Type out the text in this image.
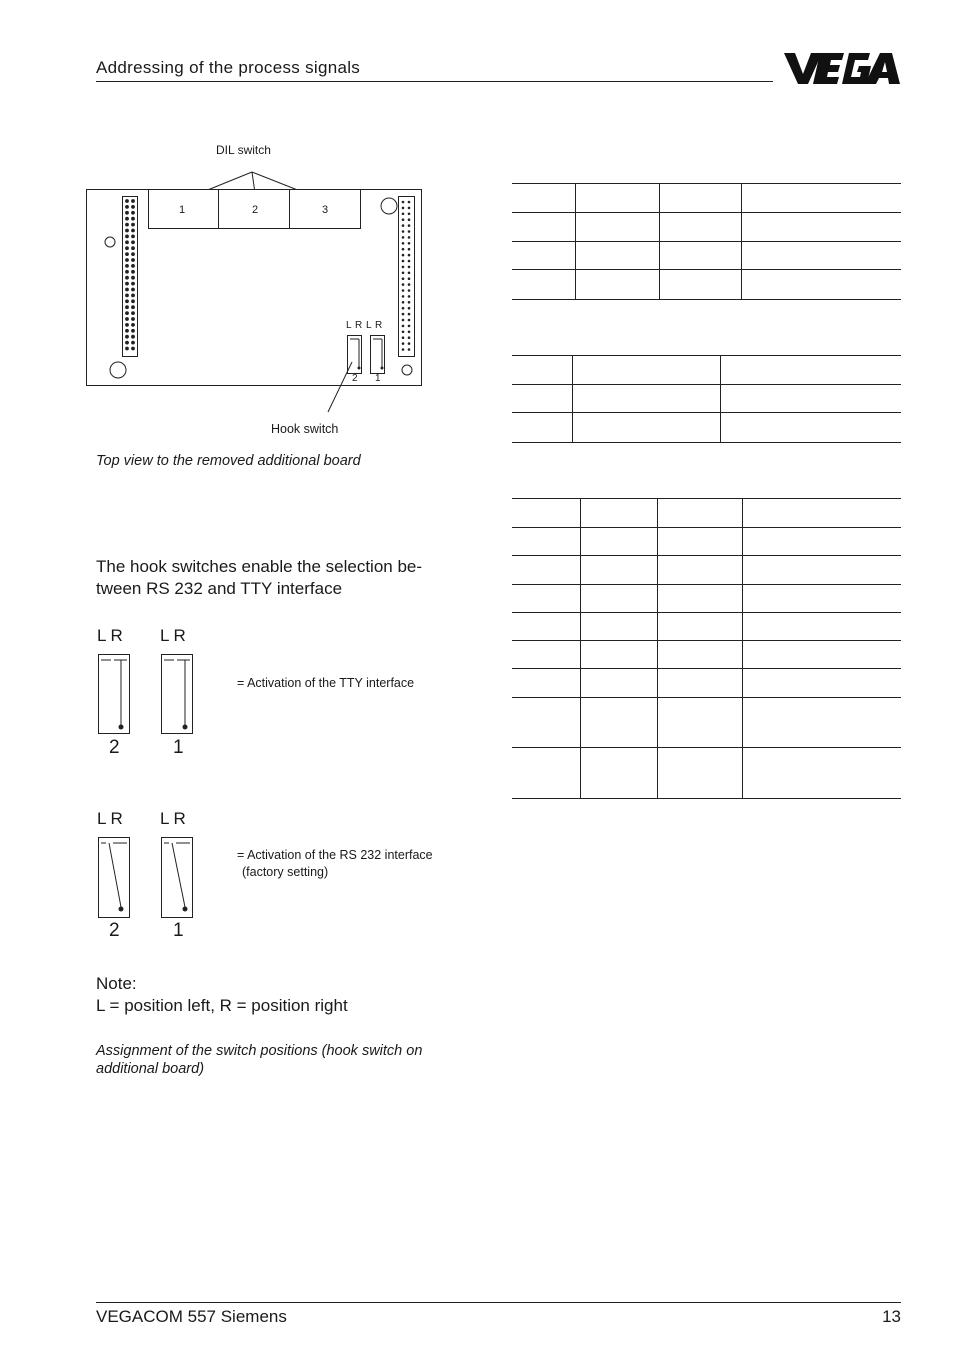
Addressing of the process signals
DIL switch
1	2	3
L R L R
2 1
Hook switch
Top view to the removed additional board
The hook switches enable the selection be-
tween RS 232 and TTY interface
L R L R
2	1
= Activation of the TTY interface
L R L R
2	1
= Activation of the RS 232 interface
(factory setting)
Note:
L = position left, R = position right
Assignment of the switch positions (hook switch on
additional board)
VEGACOM 557 Siemens	13
